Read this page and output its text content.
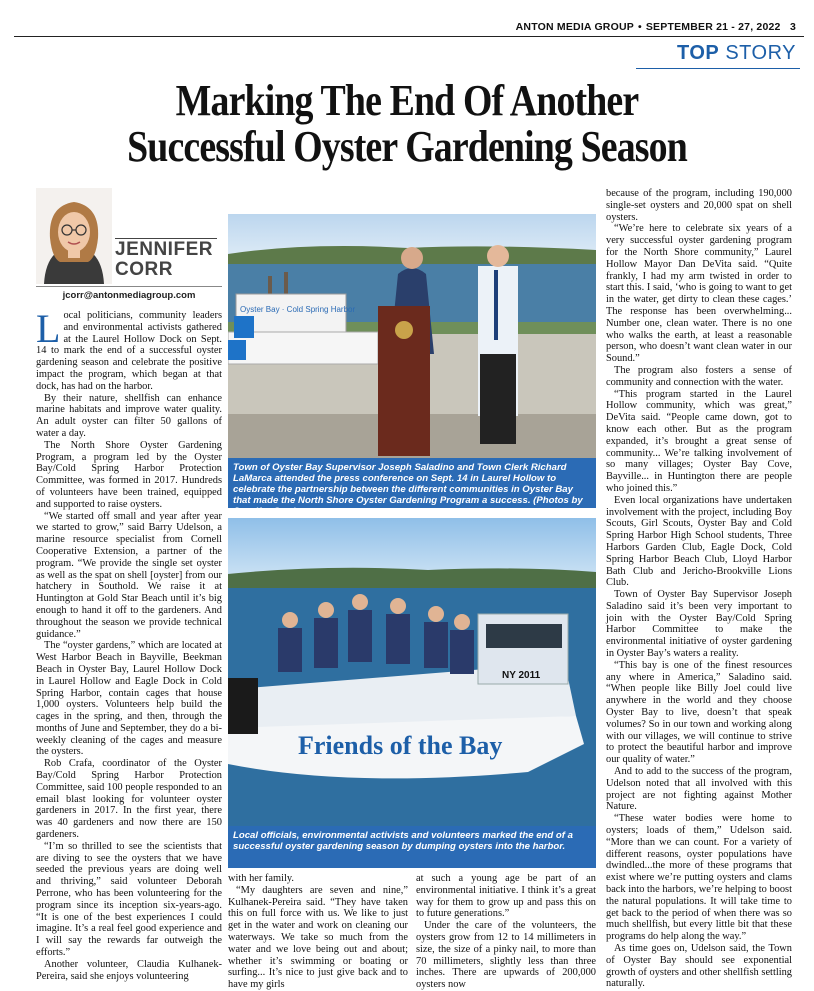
ANTON MEDIA GROUP • SEPTEMBER 21 - 27, 2022 3
TOP STORY
Marking The End Of Another
Successful Oyster Gardening Season
JENNIFER
CORR
jcorr@antonmediagroup.com

Local politicians, community leaders and environmental activists gathered at the Laurel Hollow Dock on Sept. 14 to mark the end of a successful oyster gardening season and celebrate the positive impact the program, which began at that dock, has had on the harbor.

By their nature, shellfish can enhance marine habitats and improve water quality. An adult oyster can filter 50 gallons of water a day.

The North Shore Oyster Gardening Program, a program led by the Oyster Bay/Cold Spring Harbor Protection Committee, was formed in 2017. Hundreds of volunteers have been trained, equipped and supported to raise oysters.

“We started off small and year after year we started to grow,” said Barry Udelson, a marine resource specialist from Cornell Cooperative Extension, a partner of the program. “We provide the single set oyster as well as the spat on shell [oyster] from our hatchery in Southold. We raise it at Huntington at Gold Star Beach until it’s big enough to hand it off to the gardeners. And throughout the season we provide technical guidance.”

The “oyster gardens,” which are located at West Harbor Beach in Bayville, Beekman Beach in Oyster Bay, Laurel Hollow Dock in Laurel Hollow and Eagle Dock in Cold Spring Harbor, contain cages that house 1,000 oysters. Volunteers help build the cages in the spring, and then, through the months of June and September, they do a bi-weekly cleaning of the cages and measure the oysters.

Rob Crafa, coordinator of the Oyster Bay/Cold Spring Harbor Protection Committee, said 100 people responded to an email blast looking for volunteer oyster gardeners in 2017. In the first year, there was 40 gardeners and now there are 150 gardeners.

“I’m so thrilled to see the scientists that are diving to see the oysters that we have seeded the previous years are doing well and thriving,” said volunteer Deborah Perrone, who has been volunteering for the program since its inception six-years-ago. “It is one of the best experiences I could imagine. It’s a real feel good experience and I will say the rewards far outweigh the efforts.”

Another volunteer, Claudia Kulhanek-Pereira, said she enjoys volunteering

Oyster Bay · Cold Spring Harbor
Town of Oyster Bay Supervisor Joseph Saladino and Town Clerk Richard LaMarca attended the press conference on Sept. 14 in Laurel Hollow to celebrate the partnership between the different communities in Oyster Bay that made the North Shore Oyster Gardening Program a success. (Photos by Jennifer Corr)
NY 2011
Friends of the Bay
Local officials, environmental activists and volunteers marked the end of a successful oyster gardening season by dumping oysters into the harbor.

with her family.

“My daughters are seven and nine,” Kulhanek-Pereira said. “They have taken this on full force with us. We like to just get in the water and work on cleaning our waterways. We take so much from the water and we love being out and about; whether it’s swimming or boating or surfing... It’s nice to just give back and to have my girls

at such a young age be part of an environmental initiative. I think it’s a great way for them to grow up and pass this on to future generations.”

Under the care of the volunteers, the oysters grow from 12 to 14 millimeters in size, the size of a pinky nail, to more than 70 millimeters, slightly less than three inches. There are upwards of 200,000 oysters now

because of the program, including 190,000 single-set oysters and 20,000 spat on shell oysters.

“We’re here to celebrate six years of a very successful oyster gardening program for the North Shore community,” Laurel Hollow Mayor Dan DeVita said. “Quite frankly, I had my arm twisted in order to start this. I said, ‘who is going to want to get in the water, get dirty to clean these cages.’ The response has been overwhelming... Number one, clean water. There is no one who walks the earth, at least a reasonable person, who doesn’t want clean water in our Sound.”

The program also fosters a sense of community and connection with the water.

“This program started in the Laurel Hollow community, which was great,” DeVita said. “People came down, got to know each other. But as the program expanded, it’s brought a great sense of community... We’re talking involvement of so many villages; Oyster Bay Cove, Bayville... in Huntington there are people who joined this.”

Even local organizations have undertaken involvement with the project, including Boy Scouts, Girl Scouts, Oyster Bay and Cold Spring Harbor High School students, Three Harbors Garden Club, Eagle Dock, Cold Spring Harbor Beach Club, Lloyd Harbor Bath Club and Jericho-Brookville Lions Club.

Town of Oyster Bay Supervisor Joseph Saladino said it’s been very important to join with the Oyster Bay/Cold Spring Harbor Committee to make the environmental initiative of oyster gardening in Oyster Bay’s waters a reality.

“This bay is one of the finest resources any where in America,” Saladino said. “When people like Billy Joel could live anywhere in the world and they choose Oyster Bay to live, doesn’t that speak volumes? So in our town and working along with our villages, we will continue to strive to protect the beautiful harbor and improve our quality of water.”

And to add to the success of the program, Udelson noted that all involved with this project are not fighting against Mother Nature.

“These water bodies were home to oysters; loads of them,” Udelson said. “More than we can count. For a variety of different reasons, oyster populations have dwindled...the more of these programs that exist where we’re putting oysters and clams back into the harbors, we’re helping to boost the natural populations. It will take time to get back to the period of when there was so much shellfish, but every little bit that these programs do help along the way.”

As time goes on, Udelson said, the Town of Oyster Bay should see exponential growth of oysters and other shellfish settling naturally.
